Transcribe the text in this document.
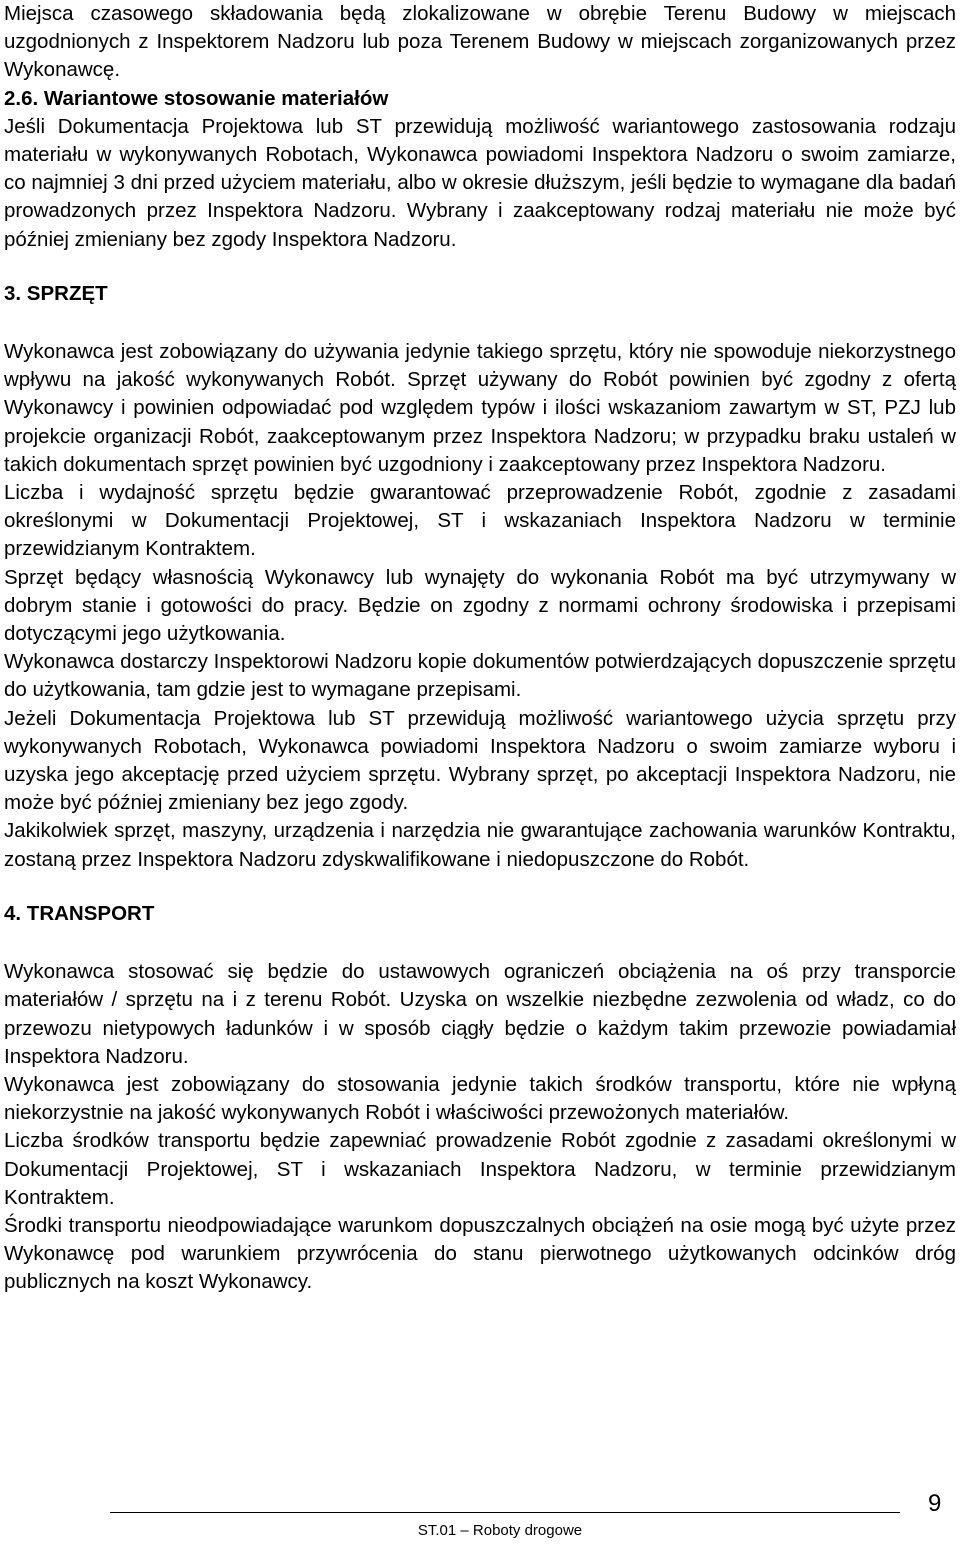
Miejsca czasowego składowania będą zlokalizowane w obrębie Terenu Budowy w miejscach uzgodnionych z Inspektorem Nadzoru lub poza Terenem Budowy w miejscach zorganizowanych przez Wykonawcę.

2.6. Wariantowe stosowanie materiałów

Jeśli Dokumentacja Projektowa lub ST przewidują możliwość wariantowego zastosowania rodzaju materiału w wykonywanych Robotach, Wykonawca powiadomi Inspektora Nadzoru o swoim zamiarze, co najmniej 3 dni przed użyciem materiału, albo w okresie dłuższym, jeśli będzie to wymagane dla badań prowadzonych przez Inspektora Nadzoru. Wybrany i zaakceptowany rodzaj materiału nie może być później zmieniany bez zgody Inspektora Nadzoru.

3. SPRZĘT

Wykonawca jest zobowiązany do używania jedynie takiego sprzętu, który nie spowoduje niekorzystnego wpływu na jakość wykonywanych Robót. Sprzęt używany do Robót powinien być zgodny z ofertą Wykonawcy i powinien odpowiadać pod względem typów i ilości wskazaniom zawartym w ST, PZJ lub projekcie organizacji Robót, zaakceptowanym przez Inspektora Nadzoru; w przypadku braku ustaleń w takich dokumentach sprzęt powinien być uzgodniony i zaakceptowany przez Inspektora Nadzoru.

Liczba i wydajność sprzętu będzie gwarantować przeprowadzenie Robót, zgodnie z zasadami określonymi w Dokumentacji Projektowej, ST i wskazaniach Inspektora Nadzoru w terminie przewidzianym Kontraktem.

Sprzęt będący własnością Wykonawcy lub wynajęty do wykonania Robót ma być utrzymywany w dobrym stanie i gotowości do pracy. Będzie on zgodny z normami ochrony środowiska i przepisami dotyczącymi jego użytkowania.

Wykonawca dostarczy Inspektorowi Nadzoru kopie dokumentów potwierdzających dopuszczenie sprzętu do użytkowania, tam gdzie jest to wymagane przepisami.

Jeżeli Dokumentacja Projektowa lub ST przewidują możliwość wariantowego użycia sprzętu przy wykonywanych Robotach, Wykonawca powiadomi Inspektora Nadzoru o swoim zamiarze wyboru i uzyska jego akceptację przed użyciem sprzętu. Wybrany sprzęt, po akceptacji Inspektora Nadzoru, nie może być później zmieniany bez jego zgody.

Jakikolwiek sprzęt, maszyny, urządzenia i narzędzia nie gwarantujące zachowania warunków Kontraktu, zostaną przez Inspektora Nadzoru zdyskwalifikowane i niedopuszczone do Robót.

4. TRANSPORT

Wykonawca stosować się będzie do ustawowych ograniczeń obciążenia na oś przy transporcie materiałów / sprzętu na i z terenu Robót. Uzyska on wszelkie niezbędne zezwolenia od władz, co do przewozu nietypowych ładunków i w sposób ciągły będzie o każdym takim przewozie powiadamiał Inspektora Nadzoru.

Wykonawca jest zobowiązany do stosowania jedynie takich środków transportu, które nie wpłyną niekorzystnie na jakość wykonywanych Robót i właściwości przewożonych materiałów.

Liczba środków transportu będzie zapewniać prowadzenie Robót zgodnie z zasadami określonymi w Dokumentacji Projektowej, ST i wskazaniach Inspektora Nadzoru, w terminie przewidzianym Kontraktem.

Środki transportu nieodpowiadające warunkom dopuszczalnych obciążeń na osie mogą być użyte przez Wykonawcę pod warunkiem przywrócenia do stanu pierwotnego użytkowanych odcinków dróg publicznych na koszt Wykonawcy.

ST.01 – Roboty drogowe
9
